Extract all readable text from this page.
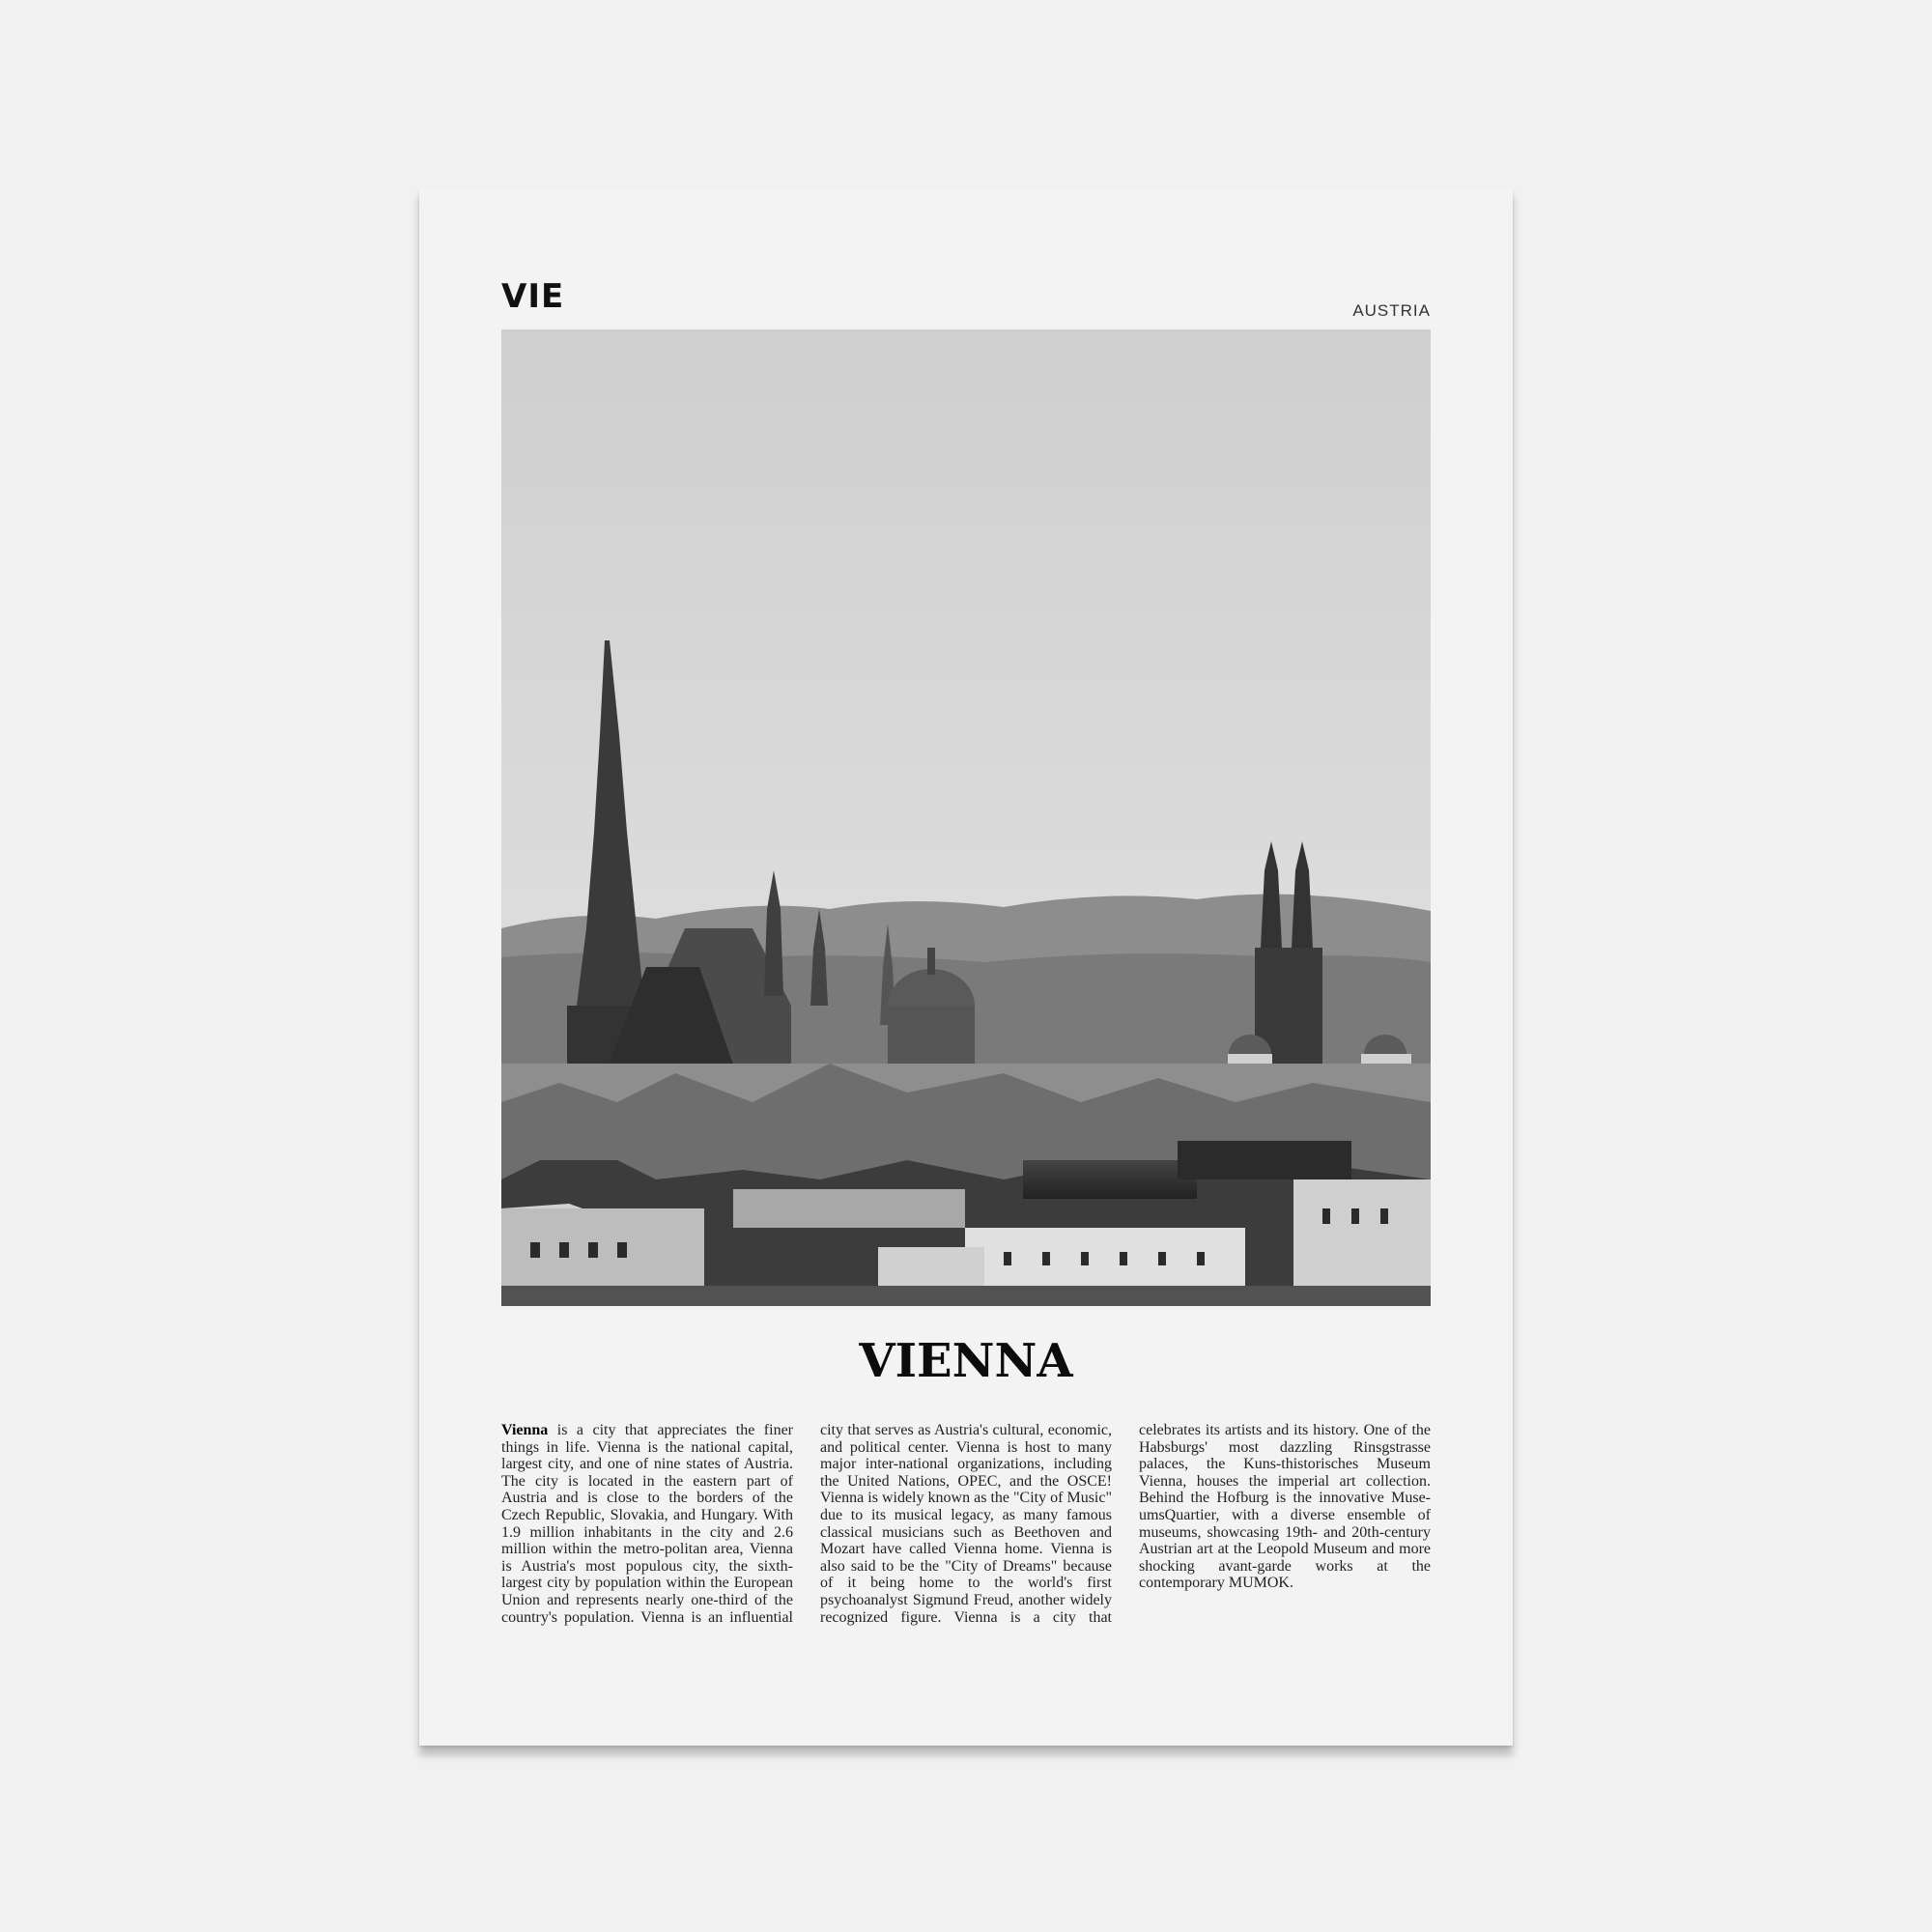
VIE	AUSTRIA
VIENNA

Vienna is a city that appreciates the finer things in life. Vienna is the national capital, largest city, and one of nine states of Austria. The city is located in the eastern part of Austria and is close to the borders of the Czech Republic, Slovakia, and Hungary. With 1.9 million inhabitants in the city and 2.6 million within the metro-politan area, Vienna is Austria's most populous city, the sixth-largest city by population within the European Union and represents nearly one-third of the country's population. Vienna is an influential city that serves as Austria's cultural, economic, and political center. Vienna is host to many major inter-national organizations, including the United Nations, OPEC, and the OSCE! Vienna is widely known as the "City of Music" due to its musical legacy, as many famous classical musicians such as Beethoven and Mozart have called Vienna home. Vienna is also said to be the "City of Dreams" because of it being home to the world's first psychoanalyst Sigmund Freud, another widely recognized figure. Vienna is a city that celebrates its artists and its history. One of the Habsburgs' most dazzling Rinsgstrasse palaces, the Kuns-thistorisches Museum Vienna, houses the imperial art collection. Behind the Hofburg is the innovative Muse-umsQuartier, with a diverse ensemble of museums, showcasing 19th- and 20th-century Austrian art at the Leopold Museum and more shocking avant-garde works at the contemporary MUMOK.
